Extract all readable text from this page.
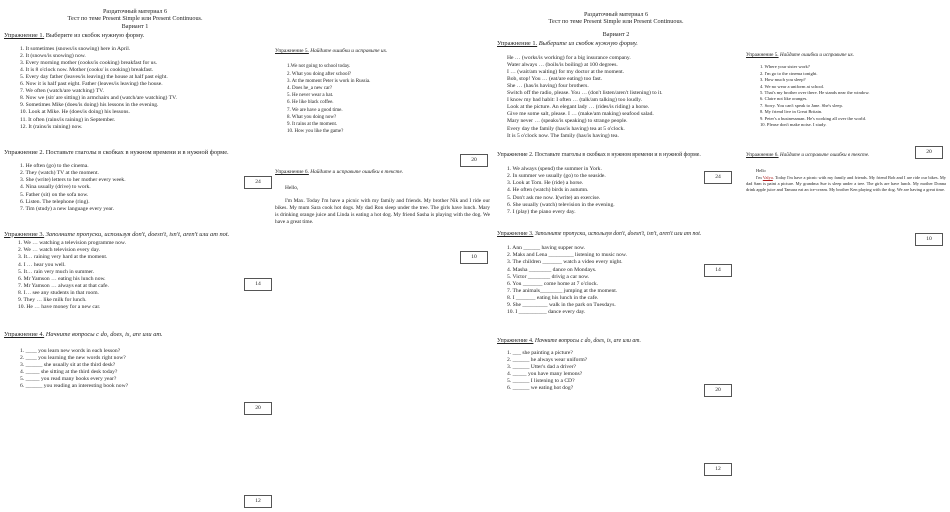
Раздаточный материал 6
Тест по теме Present Simple или Present Continuous.
Вариант 1
Упражнение 1. Выберите из скобок нужную форму.
1. It sometimes (snows/is snowing) here in April.
2. It (snows/is snowing) now.
3. Every morning mother (cooks/is cooking) breakfast for us.
4. It is 8 o'clock now. Mother (cooks/ is cooking) breakfast.
5. Every day father (leaves/is leaving) the house at half past eight.
6. Now it is half past eight. Father (leaves/is leaving) the house.
7. We often (watch/are watching) TV.
8. Now we (sit/ are sitting) in armchairs and (watch/are watching) TV.
9. Sometimes Mike (does/is doing) his lessons in the evening.
10. Look at Mike. He (does/is doing) his lessons.
11. It often (rains/is raining) in September.
12. It (rains/is raining) now.
Упражнение 2. Поставьте глаголы в скобках в нужном времени и в нужной форме.
1. He often (go) to the cinema.
2. They (watch) TV at the moment.
3. She (write) letters to her mother every week.
4. Nina usually (drive) to work.
5. Father (sit) on the sofa now.
6. Listen. The telephone (ring).
7. Tim (study) a new language every year.
Упражнение 3. Заполните пропуски, используя don't, doesn't, isn't, aren't или am not.
1. We … watching a television programme now.
2. We … watch television every day.
3. It… raining very hard at the moment.
4. I … hear you well.
5. It… rain very much in summer.
6. Mr Yamson … eating his lunch now.
7. Mr Yamson … always eat at that cafe.
8. I… see any students in that room.
9. They … like milk for lunch.
10. He … have money for a new car.
Упражнение 4. Начните вопросы с do, does, is, are или am.
1. ____ you learn new words in each lesson?
2. ____ you learning the new words right now?
3. ______ she usually sit at the third desk?
4. _____ she sitting at the third desk today?
5. _____ you read many books every year?
6. ______ you reading an interesting book now?
24
14
20
12
Упражнение 5. Найдите ошибки и исправьте их.
1.We not going to school today.
2. What you doing after school?
3. At the moment Peter is work in Russia.
4. Does he_a new car?
5. He never wear a hat.
6. He like black coffee.
7. We are have a good time.
8. What you doing now?
9. It rains at the moment.
10. How you like the game?
Упражнение 6. Найдите и исправьте ошибки в тексте.
Hello,
I'm Max. Today I'm have a picnic with my family and friends. My brother Nik and I ride our bikes. My mum Sara cook hot dogs. My dad Ron sleep under the tree. The girls have lunch. Mary is drinking orange juice and Linda is eating a hot dog. My friend Sasha is playing with the dog. We have a great time.
20
10
Раздаточный материал 6
Тест по теме Present Simple или Present Continuous.
Вариант 2
Упражнение 1. Выберите из скобок нужную форму.
He … (works/is working) for a big insurance company.
Water always … (boils/is boiling) at 100 degrees.
I … (wait/am waiting) for my doctor at the moment.
Bob, stop! You … (eat/are eating) too fast.
She … (has/is having) four brothers.
Switch off the radio, please. You … (don't listen/aren't listening) to it.
I know my bad habit: I often … (talk/am talking) too loudly.
Look at the picture. An elegant lady … (rides/is riding) a horse.
Give me some salt, please. I … (make/am making) seafood salad.
Mary never … (speaks/is speaking) to strange people.
Every day the family (has/is having) tea at 5 o'clock.
It is 5 o'clock now. The family (has/is having) tea.
Упражнение 2. Поставьте глаголы в скобках в нужном времени и в нужной форме.
1. We always (spend) the summer in York.
2. In summer we usually (go) to the seaside.
3. Look at Tom. He (ride) a horse.
4. He often (watch) birds in autumn.
5. Don't ask me now. I(write) an exercise.
6. She usually (watch) television in the evening.
7. I (play) the piano every day.
Упражнение 3. Заполните пропуски, используя don't, doesn't, isn't, aren't или am not.
1. Ann ______ having supper now.
2. Maks and Lena _________ listening to music now.
3. The children _______ watch a video every night.
4. Masha ________ dance on Mondays.
5. Victor ________ drivig a car now.
6. You _______ come home at 7 o'clock.
7. The animals________ jumping at the moment.
8. I _______ eating his lunch in the cafe.
9. She _________ walk in the park on Tuesdays.
10. I __________ dance every day.
Упражнение 4. Начните вопросы с do, does, is, are или am.
1. ___ she painting a picture?
2. ______ he always wear uniform?
3. ______ Utter's dad a driver?
4. _____ you have many lemons?
5. ______ I listening to a CD?
6. ______ we eating hot dog?
24
14
20
12
Упражнение 5. Найдите ошибки и исправьте их.
1. Where your sister work?
2. I'm go to the cinema tonight.
3. How much you sleep?
4. We no wear a uniform at school.
5. That's my brother over there. He stands near the window.
6. Claire not like oranges.
7. Sorry. You can't speak to Jane. She's sleep.
8. My friend live in Great Britain.
9. Peter's a businessman. He's working all over the world.
10. Please don't make noise. I study.
Упражнение 6. Найдите и исправьте ошибки в тексте.
Hello
I'm Valya. Today I'm have a picnic with my family and friends. My friend Bob and I are ride our bikes. My dad Sam is paint a picture. My grandma Sue is sleep under a tree. The girls are have lunch. My mother Donna drink apple juice and Tamara eat an ice-cream. My brother Ken playing with the dog. We are having a great time.
20
10
